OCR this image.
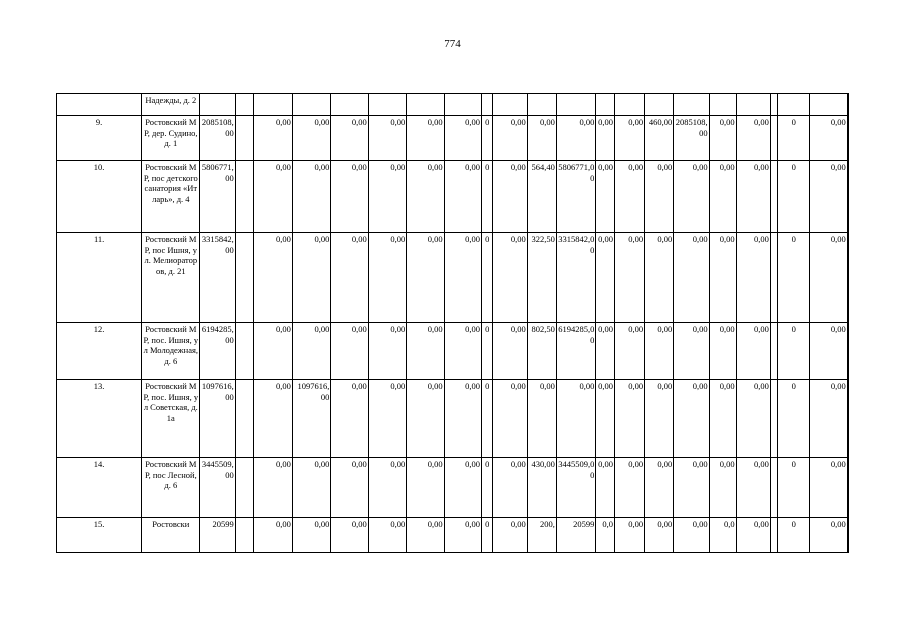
774
	Надежды, д. 2																						
9.	Ростовский МР, дер. Судино, д. 1	2085108,00		0,00	0,00	0,00	0,00	0,00	0,00	0	0,00	0,00	0,00	0,00	0,00	460,00	2085108,00	0,00	0,00		0	0,00	
10.	Ростовский МР, пос детского санатория «Итларь», д. 4	5806771,00		0,00	0,00	0,00	0,00	0,00	0,00	0	0,00	564,40	5806771,00	0,00	0,00	0,00	0,00	0,00	0,00		0	0,00	
11.	Ростовский МР, пос Ишня, ул. Мелиораторов, д. 21	3315842,00		0,00	0,00	0,00	0,00	0,00	0,00	0	0,00	322,50	3315842,00	0,00	0,00	0,00	0,00	0,00	0,00		0	0,00	
12.	Ростовский МР, пос. Ишня, ул Молодежная, д. 6	6194285,00		0,00	0,00	0,00	0,00	0,00	0,00	0	0,00	802,50	6194285,00	0,00	0,00	0,00	0,00	0,00	0,00		0	0,00	
13.	Ростовский МР, пос. Ишня, ул Советская, д. 1а	1097616,00		0,00	1097616,00	0,00	0,00	0,00	0,00	0	0,00	0,00	0,00	0,00	0,00	0,00	0,00	0,00	0,00		0	0,00	
14.	Ростовский МР, пос Лесной, д. 6	3445509,00		0,00	0,00	0,00	0,00	0,00	0,00	0	0,00	430,00	3445509,00	0,00	0,00	0,00	0,00	0,00	0,00		0	0,00	
15.	Ростовски	20599		0,00	0,00	0,00	0,00	0,00	0,00	0	0,00	200,	20599	0,0	0,00	0,00	0,00	0,0	0,00		0	0,00	
